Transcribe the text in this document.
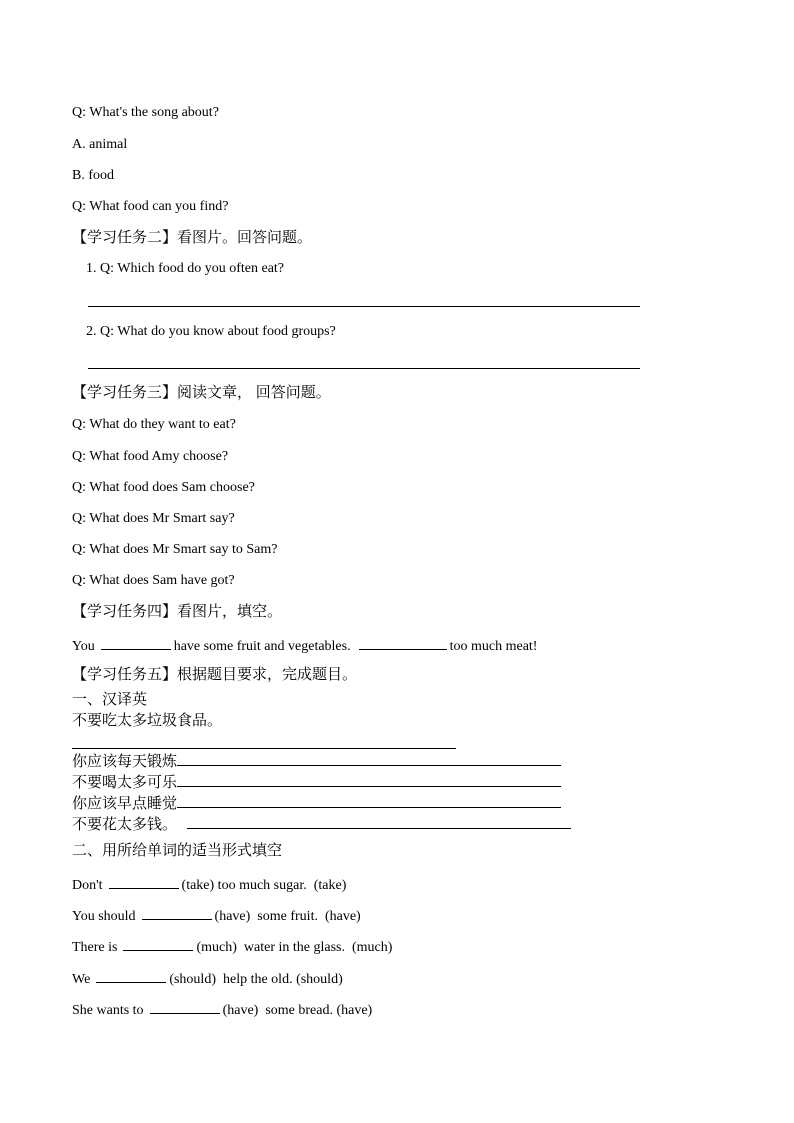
Q: What's the song about?
A. animal
B. food
Q: What food can you find?
【学习任务二】看图片。回答问题。
1. Q: Which food do you often eat?
2. Q: What do you know about food groups?
【学习任务三】阅读文章， 回答问题。
Q: What do they want to eat?
Q: What food Amy choose?
Q: What food does Sam choose?
Q: What does Mr Smart say?
Q: What does Mr Smart say to Sam?
Q: What does Sam have got?
【学习任务四】看图片，填空。
You	have some fruit and vegetables.	too much meat!
【学习任务五】根据题目要求，完成题目。
一、汉译英
不要吃太多垃圾食品。
你应该每天锻炼
不要喝太多可乐
你应该早点睡觉
不要花太多钱。
二、用所给单词的适当形式填空
Don't	(take) too much sugar.  (take)
You should	(have)  some fruit.  (have)
There is	(much)  water in the glass.  (much)
We	(should)  help the old. (should)
She wants to	(have)  some bread. (have)
